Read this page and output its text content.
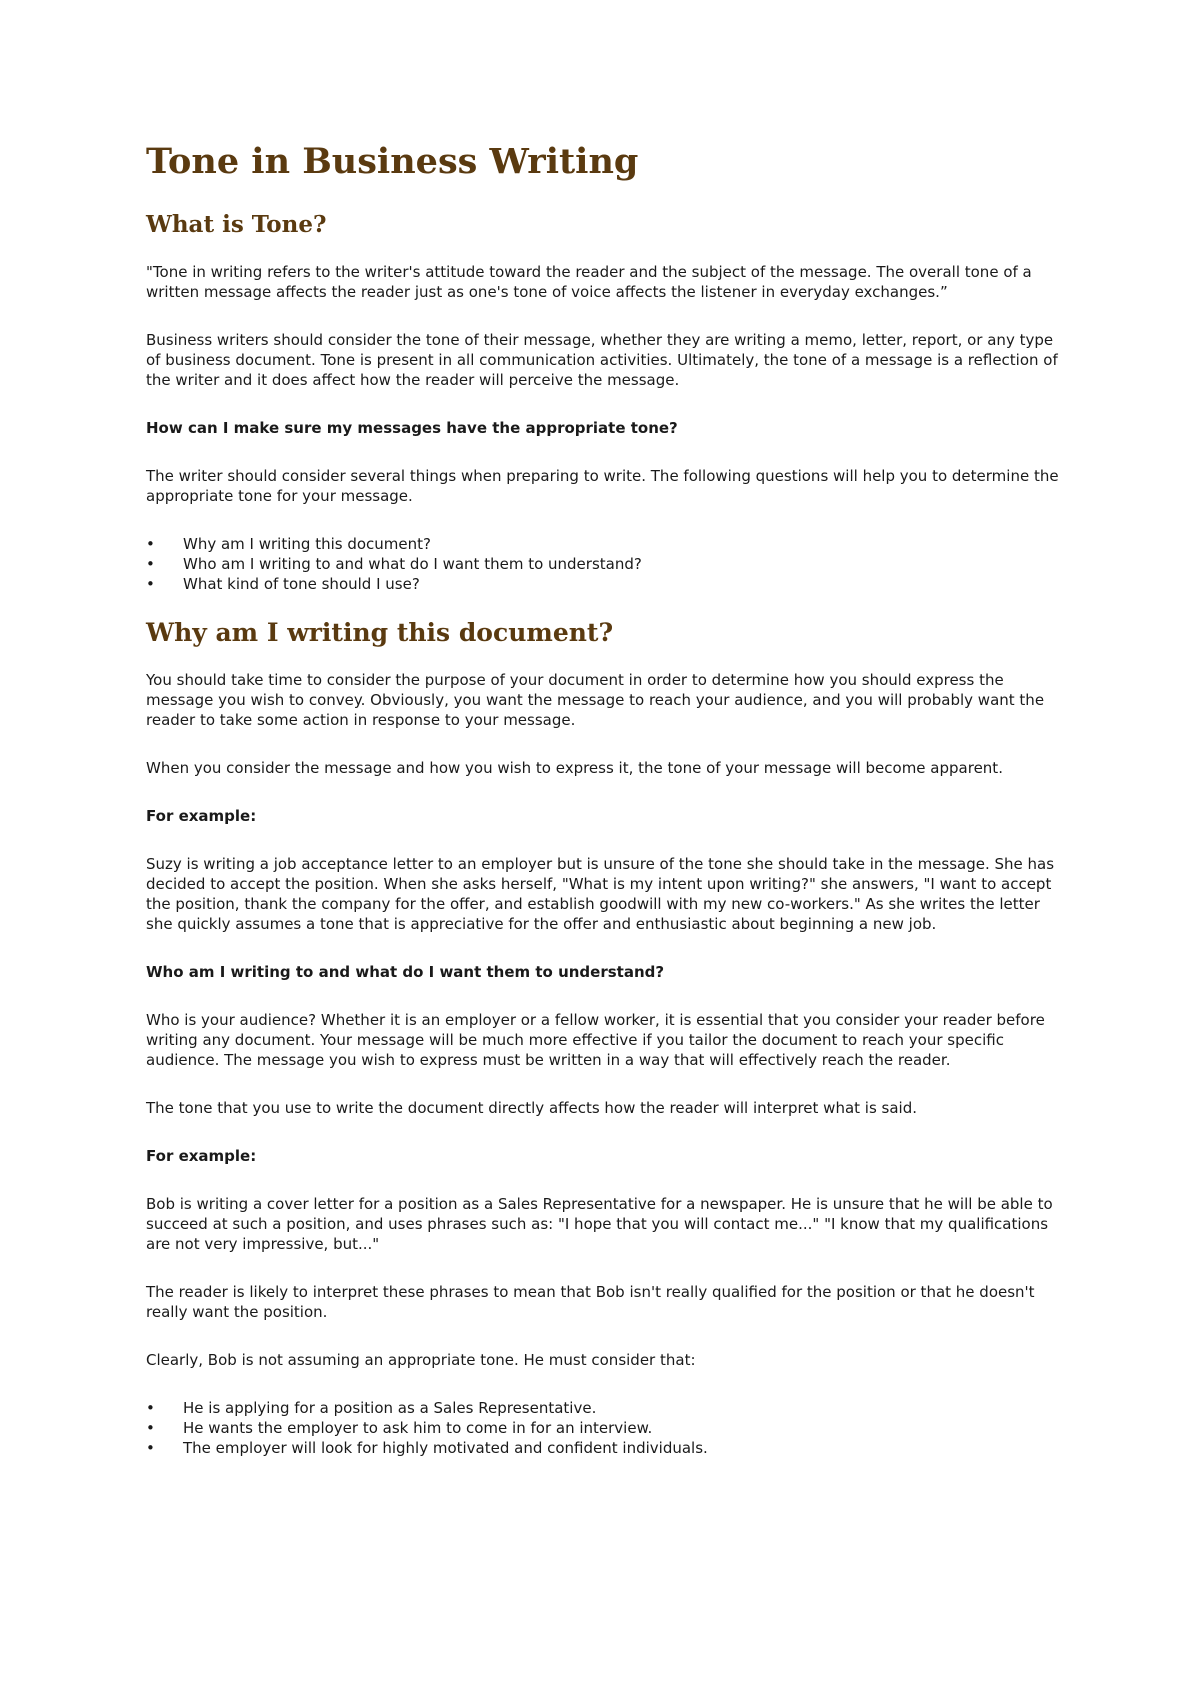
Tone in Business Writing
What is Tone?

"Tone in writing refers to the writer's attitude toward the reader and the subject of the message. The overall tone of a written message affects the reader just as one's tone of voice affects the listener in everyday exchanges.”

Business writers should consider the tone of their message, whether they are writing a memo, letter, report, or any type of business document. Tone is present in all communication activities. Ultimately, the tone of a message is a reflection of the writer and it does affect how the reader will perceive the message.

How can I make sure my messages have the appropriate tone?

The writer should consider several things when preparing to write. The following questions will help you to determine the appropriate tone for your message.

• Why am I writing this document?
• Who am I writing to and what do I want them to understand?
• What kind of tone should I use?
Why am I writing this document?

You should take time to consider the purpose of your document in order to determine how you should express the message you wish to convey. Obviously, you want the message to reach your audience, and you will probably want the reader to take some action in response to your message.

When you consider the message and how you wish to express it, the tone of your message will become apparent.

For example:

Suzy is writing a job acceptance letter to an employer but is unsure of the tone she should take in the message. She has decided to accept the position. When she asks herself, "What is my intent upon writing?" she answers, "I want to accept the position, thank the company for the offer, and establish goodwill with my new co-workers." As she writes the letter she quickly assumes a tone that is appreciative for the offer and enthusiastic about beginning a new job.

Who am I writing to and what do I want them to understand?

Who is your audience? Whether it is an employer or a fellow worker, it is essential that you consider your reader before writing any document. Your message will be much more effective if you tailor the document to reach your specific audience. The message you wish to express must be written in a way that will effectively reach the reader.

The tone that you use to write the document directly affects how the reader will interpret what is said.

For example:

Bob is writing a cover letter for a position as a Sales Representative for a newspaper. He is unsure that he will be able to succeed at such a position, and uses phrases such as: "I hope that you will contact me..." "I know that my qualifications are not very impressive, but..."

The reader is likely to interpret these phrases to mean that Bob isn't really qualified for the position or that he doesn't really want the position.

Clearly, Bob is not assuming an appropriate tone. He must consider that:

• He is applying for a position as a Sales Representative.
• He wants the employer to ask him to come in for an interview.
• The employer will look for highly motivated and confident individuals.
